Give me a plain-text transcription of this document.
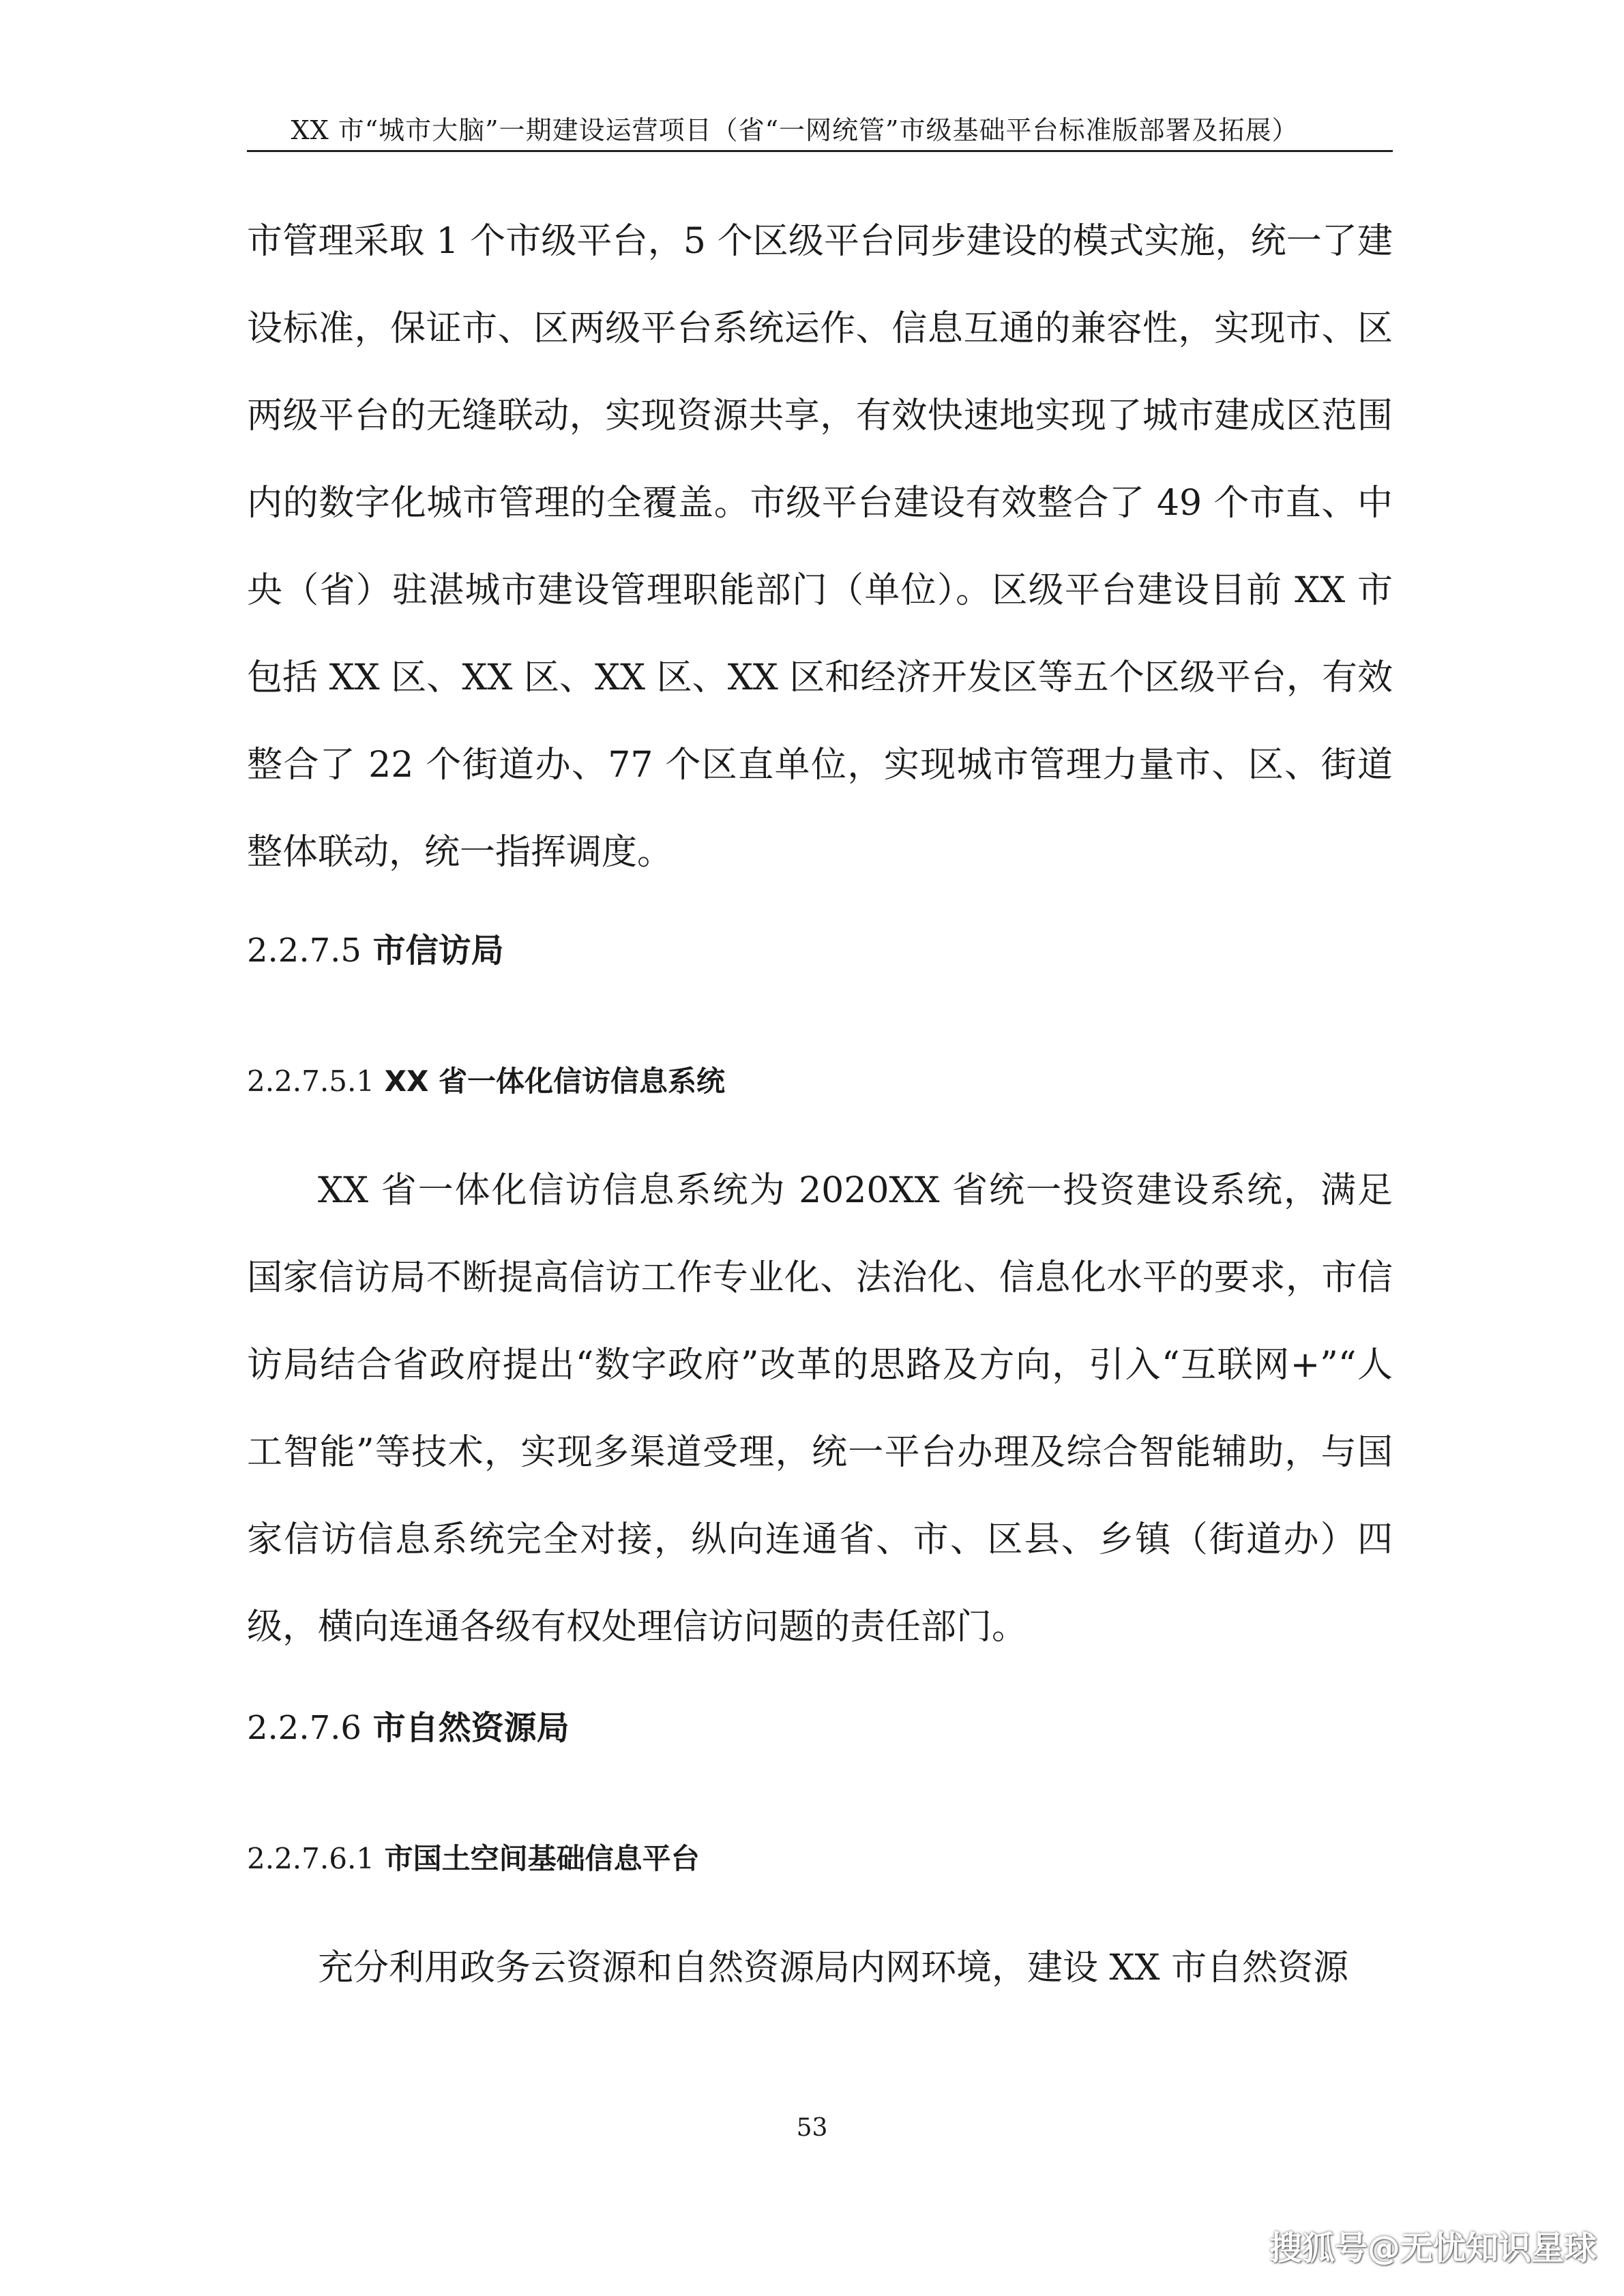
XX 市“城市大脑”一期建设运营项目（省“一网统管”市级基础平台标准版部署及拓展）

市管理采取 1 个市级平台，5 个区级平台同步建设的模式实施，统一了建设标准，保证市、区两级平台系统运作、信息互通的兼容性，实现市、区两级平台的无缝联动，实现资源共享，有效快速地实现了城市建成区范围内的数字化城市管理的全覆盖。市级平台建设有效整合了 49 个市直、中央（省）驻湛城市建设管理职能部门（单位）。区级平台建设目前 XX 市包括 XX 区、XX 区、XX 区、XX 区和经济开发区等五个区级平台，有效整合了 22 个街道办、77 个区直单位，实现城市管理力量市、区、街道整体联动，统一指挥调度。

2.2.7.5 市信访局
2.2.7.5.1 XX 省一体化信访信息系统

XX 省一体化信访信息系统为 2020XX 省统一投资建设系统，满足国家信访局不断提高信访工作专业化、法治化、信息化水平的要求，市信访局结合省政府提出“数字政府”改革的思路及方向，引入“互联网+”“人工智能”等技术，实现多渠道受理，统一平台办理及综合智能辅助，与国家信访信息系统完全对接，纵向连通省、市、区县、乡镇（街道办）四级，横向连通各级有权处理信访问题的责任部门。

2.2.7.6 市自然资源局
2.2.7.6.1 市国土空间基础信息平台

充分利用政务云资源和自然资源局内网环境，建设 XX 市自然资源

53
搜狐号@无忧知识星球
